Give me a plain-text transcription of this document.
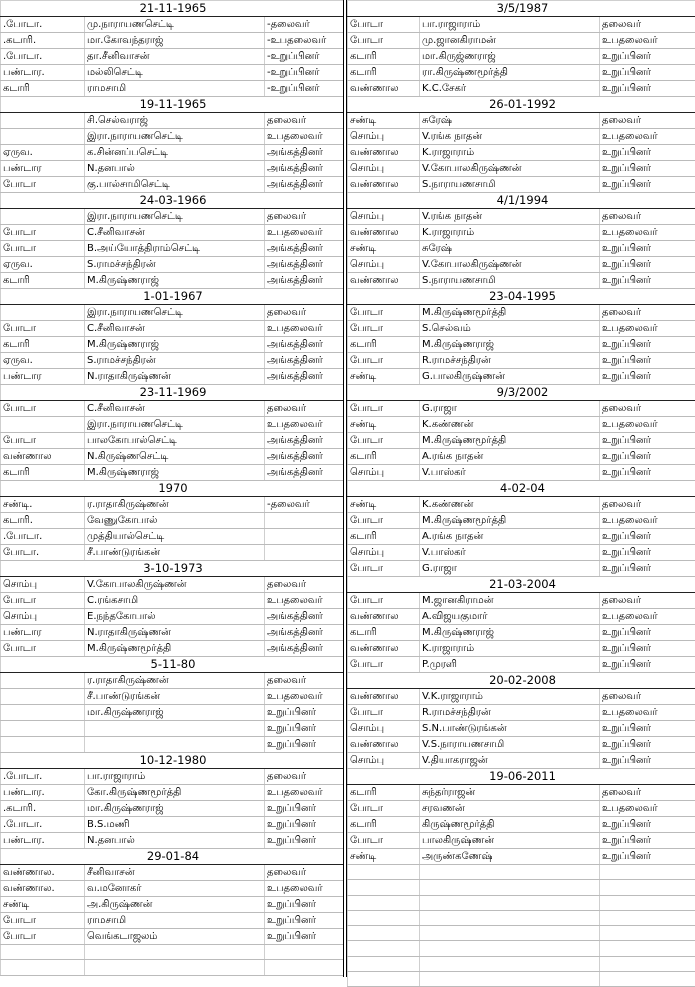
21-11-1965		
.போடா.	மு.நாராயணசெட்டி	-தலைவர்
.கடாரி.	மா.கோவந்தராஜ்	-உபதலைவர்
.போடா.	தா.சீனிவாசன்	-உறுப்பினர்
பண்டார.	மல்லிசெட்டி	-உறுப்பினர்
கடாரி	ராமசாமி	-உறுப்பினர்
19-11-1965		
	சி.செல்வராஜ்	தலைவர்
	இரா.நாராயணசெட்டி	உபதலைவர்
ஏருவ.	க.சின்னப்பசெட்டி	அங்கத்தினர்
பண்டார	N.தனபால்	அங்கத்தினர்
போடா	கு.பால்சாமிசெட்டி	அங்கத்தினர்
24-03-1966		
	இரா.நாராயணசெட்டி	தலைவர்
போடா	C.சீனிவாசன்	உபதலைவர்
போடா	B.அய்யோத்திராம்செட்டி	அங்கத்தினர்
ஏருவ.	S.ராமச்சந்திரன்	அங்கத்தினர்
கடாரி	M.கிருஷ்ணராஜ்	அங்கத்தினர்
1-01-1967		
	இரா.நாராயணசெட்டி	தலைவர்
போடா	C.சீனிவாசன்	உபதலைவர்
கடாரி	M.கிருஷ்ணராஜ்	அங்கத்தினர்
ஏருவ.	S.ராமச்சந்திரன்	அங்கத்தினர்
பண்டார	N.ராதாகிருஷ்ணன்	அங்கத்தினர்
23-11-1969		
போடா	C.சீனிவாசன்	தலைவர்
	இரா.நாராயணசெட்டி	உபதலைவர்
போடா	பாலகோபால்செட்டி	அங்கத்தினர்
வண்ணால	N.கிருஷ்ணசெட்டி	அங்கத்தினர்
கடாரி	M.கிருஷ்ணராஜ்	அங்கத்தினர்
1970		
சண்டி.	ர.ராதாகிருஷ்ணன்	-தலைவர்
கடாரி.	வேணுகோபால்	
.போடா.	முத்தியால்செட்டி	
போடா.	சீ.பாண்டுரங்கன்	
3-10-1973		
சொம்பு	V.கோபாலகிருஷ்ணன்	தலைவர்
போடா	C.ரங்கசாமி	உபதலைவர்
சொம்பு	E.நந்தகோபால்	அங்கத்தினர்
பண்டார	N.ராதாகிருஷ்ணன்	அங்கத்தினர்
போடா	M.கிருஷ்ணமூர்த்தி	அங்கத்தினர்
5-11-80		
	ர.ராதாகிருஷ்ணன்	தலைவர்
	சீ.பாண்டுரங்கன்	உபதலைவர்
	மா.கிருஷ்ணராஜ்	உறுப்பினர்
		உறுப்பினர்
		உறுப்பினர்
10-12-1980		
.போடா.	பா.ராஜாராம்	தலைவர்
பண்டார.	கோ.கிருஷ்ணமூர்த்தி	உபதலைவர்
.கடாரி.	மா.கிருஷ்ணராஜ்	உறுப்பினர்
.போடா.	B.S.மணி	உறுப்பினர்
பண்டார.	N.தனபால்	உறுப்பினர்
29-01-84		
வண்ணால.	சீனிவாசன்	தலைவர்
வண்ணால.	வ.மனோகர்	உபதலைவர்
சண்டி	அ.கிருஷ்ணன்	உறுப்பினர்
போடா	ராமசாமி	உறுப்பினர்
போடா	வெங்கடாஜலம்	உறுப்பினர்

3/5/1987		
போடா	பா.ராஜாராம்	தலைவர்
போடா	மு.ஜானகிராமன்	உபதலைவர்
கடாரி	மா.கிருஜ்ணராஜ்	உறுப்பினர்
கடாரி	ரா.கிருஷ்ணமூர்த்தி	உறுப்பினர்
வண்ணால	K.C.சேகர்	உறுப்பினர்
26-01-1992		
சண்டி	சுரேஷ்	தலைவர்
சொம்பு	V.ரங்க நாதன்	உபதலைவர்
வண்ணால	K.ராஜாராம்	உறுப்பினர்
சொம்பு	V.கோபாலகிருஷ்ணன்	உறுப்பினர்
வண்ணால	S.நாராயணசாமி	உறுப்பினர்
4/1/1994		
சொம்பு	V.ரங்க நாதன்	தலைவர்
வண்ணால	K.ராஜாராம்	உபதலைவர்
சண்டி	சுரேஷ்	உறுப்பினர்
சொம்பு	V.கோபாலகிருஷ்ணன்	உறுப்பினர்
வண்ணால	S.நாராயணசாமி	உறுப்பினர்
23-04-1995		
போடா	M.கிருஷ்ணமூர்த்தி	தலைவர்
போடா	S.செல்வம்	உபதலைவர்
கடாரி	M.கிருஷ்ணராஜ்	உறுப்பினர்
போடா	R.ராமச்சந்திரன்	உறுப்பினர்
சண்டி	G.பாலகிருஷ்ணன்	உறுப்பினர்
9/3/2002		
போடா	G.ராஜா	தலைவர்
சண்டி	K.கண்ணன்	உபதலைவர்
போடா	M.கிருஷ்ணமூர்த்தி	உறுப்பினர்
கடாரி	A.ரங்க நாதன்	உறுப்பினர்
சொம்பு	V.பாஸ்கர்	உறுப்பினர்
4-02-04		
சண்டி	K.கண்ணன்	தலைவர்
போடா	M.கிருஷ்ணமூர்த்தி	உபதலைவர்
கடாரி	A.ரங்க நாதன்	உறுப்பினர்
சொம்பு	V.பாஸ்கர்	உறுப்பினர்
போடா	G.ராஜா	உறுப்பினர்
21-03-2004		
போடா	M.ஜானகிராமன்	தலைவர்
வண்ணால	A.விஜயகுமார்	உபதலைவர்
கடாரி	M.கிருஷ்ணராஜ்	உறுப்பினர்
வண்ணால	K.ராஜாராம்	உறுப்பினர்
போடா	P.முரளி	உறுப்பினர்
20-02-2008		
வண்ணால	V.K.ராஜாராம்	தலைவர்
போடா	R.ராமச்சந்திரன்	உபதலைவர்
சொம்பு	S.N.பாண்டுரங்கன்	உறுப்பினர்
வண்ணால	V.S.நாராயணசாமி	உறுப்பினர்
சொம்பு	V.தியாகராஜன்	உறுப்பினர்
19-06-2011		
கடாரி	சுந்தர்ராஜன்	தலைவர்
போடா	சரவணன்	உபதலைவர்
கடாரி	கிருஷ்ணமூர்த்தி	உறுப்பினர்
போடா	பாலகிருஷ்ணன்	உறுப்பினர்
சண்டி	அருண்கணேஷ்	உறுப்பினர்
